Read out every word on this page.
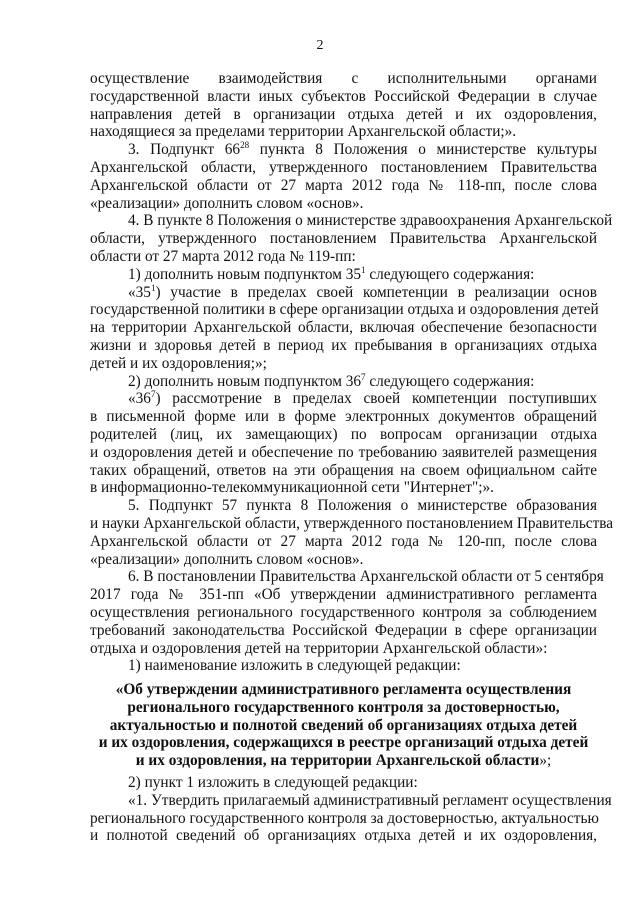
2
осуществление взаимодействия с исполнительными органами
государственной власти иных субъектов Российской Федерации в случае
направления детей в организации отдыха детей и их оздоровления,
находящиеся за пределами территории Архангельской области;».
3. Подпункт $66^{28}$ пункта 8 Положения о министерстве культуры
Архангельской области, утвержденного постановлением Правительства
Архангельской области от 27 марта 2012 года № 118-пп, после слова
«реализации» дополнить словом «основ».
4. В пункте 8 Положения о министерстве здравоохранения Архангельской
области, утвержденного постановлением Правительства Архангельской
области от 27 марта 2012 года № 119-пп:
1) дополнить новым подпунктом $35^1$ следующего содержания:
«$35^1$) участие в пределах своей компетенции в реализации основ
государственной политики в сфере организации отдыха и оздоровления детей
на территории Архангельской области, включая обеспечение безопасности
жизни и здоровья детей в период их пребывания в организациях отдыха
детей и их оздоровления;»;
2) дополнить новым подпунктом $36^7$ следующего содержания:
«$36^7$) рассмотрение в пределах своей компетенции поступивших
в письменной форме или в форме электронных документов обращений
родителей (лиц, их замещающих) по вопросам организации отдыха
и оздоровления детей и обеспечение по требованию заявителей размещения
таких обращений, ответов на эти обращения на своем официальном сайте
в информационно-телекоммуникационной сети "Интернет";».
5. Подпункт 57 пункта 8 Положения о министерстве образования
и науки Архангельской области, утвержденного постановлением Правительства
Архангельской области от 27 марта 2012 года № 120-пп, после слова
«реализации» дополнить словом «основ».
6. В постановлении Правительства Архангельской области от 5 сентября
2017 года № 351-пп «Об утверждении административного регламента
осуществления регионального государственного контроля за соблюдением
требований законодательства Российской Федерации в сфере организации
отдыха и оздоровления детей на территории Архангельской области»:
1) наименование изложить в следующей редакции:
«Об утверждении административного регламента осуществления
регионального государственного контроля за достоверностью,
актуальностью и полнотой сведений об организациях отдыха детей
и их оздоровления, содержащихся в реестре организаций отдыха детей
и их оздоровления, на территории Архангельской области»;
2) пункт 1 изложить в следующей редакции:
«1. Утвердить прилагаемый административный регламент осуществления
регионального государственного контроля за достоверностью, актуальностью
и полнотой сведений об организациях отдыха детей и их оздоровления,
